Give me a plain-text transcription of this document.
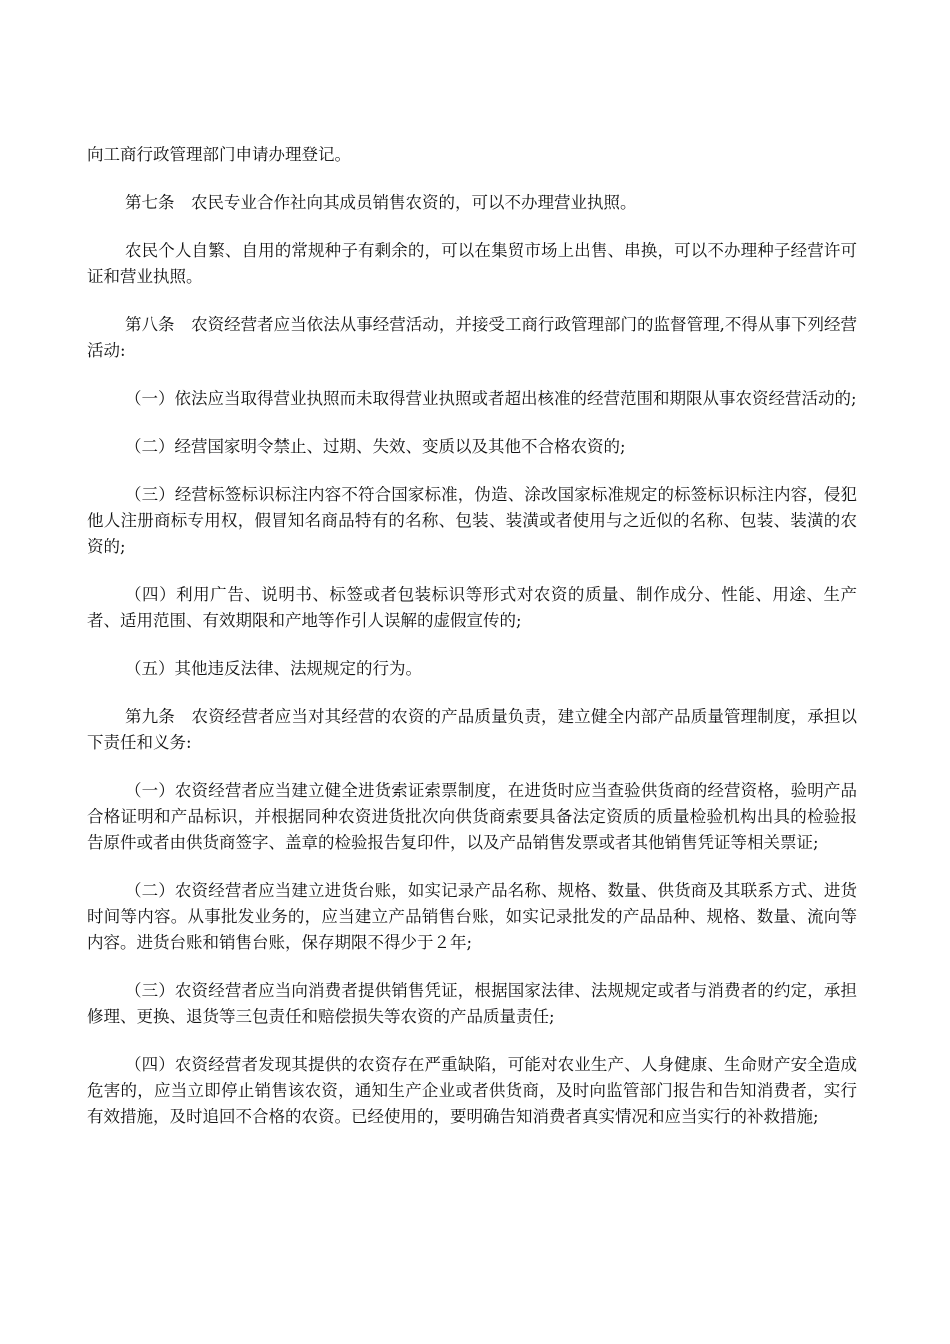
向工商行政管理部门申请办理登记。

第七条　农民专业合作社向其成员销售农资的，可以不办理营业执照。

农民个人自繁、自用的常规种子有剩余的，可以在集贸市场上出售、串换，可以不办理种子经营许可证和营业执照。

第八条　农资经营者应当依法从事经营活动，并接受工商行政管理部门的监督管理,不得从事下列经营活动:

（一）依法应当取得营业执照而未取得营业执照或者超出核准的经营范围和期限从事农资经营活动的;

（二）经营国家明令禁止、过期、失效、变质以及其他不合格农资的;

（三）经营标签标识标注内容不符合国家标准，伪造、涂改国家标准规定的标签标识标注内容，侵犯他人注册商标专用权，假冒知名商品特有的名称、包装、装潢或者使用与之近似的名称、包装、装潢的农资的;

（四）利用广告、说明书、标签或者包装标识等形式对农资的质量、制作成分、性能、用途、生产者、适用范围、有效期限和产地等作引人误解的虚假宣传的;

（五）其他违反法律、法规规定的行为。

第九条　农资经营者应当对其经营的农资的产品质量负责，建立健全内部产品质量管理制度，承担以下责任和义务:

（一）农资经营者应当建立健全进货索证索票制度，在进货时应当查验供货商的经营资格，验明产品合格证明和产品标识，并根据同种农资进货批次向供货商索要具备法定资质的质量检验机构出具的检验报告原件或者由供货商签字、盖章的检验报告复印件，以及产品销售发票或者其他销售凭证等相关票证;

（二）农资经营者应当建立进货台账，如实记录产品名称、规格、数量、供货商及其联系方式、进货时间等内容。从事批发业务的，应当建立产品销售台账，如实记录批发的产品品种、规格、数量、流向等内容。进货台账和销售台账，保存期限不得少于２年;

（三）农资经营者应当向消费者提供销售凭证，根据国家法律、法规规定或者与消费者的约定，承担修理、更换、退货等三包责任和赔偿损失等农资的产品质量责任;

（四）农资经营者发现其提供的农资存在严重缺陷，可能对农业生产、人身健康、生命财产安全造成危害的，应当立即停止销售该农资，通知生产企业或者供货商，及时向监管部门报告和告知消费者，实行有效措施，及时追回不合格的农资。已经使用的，要明确告知消费者真实情况和应当实行的补救措施;
